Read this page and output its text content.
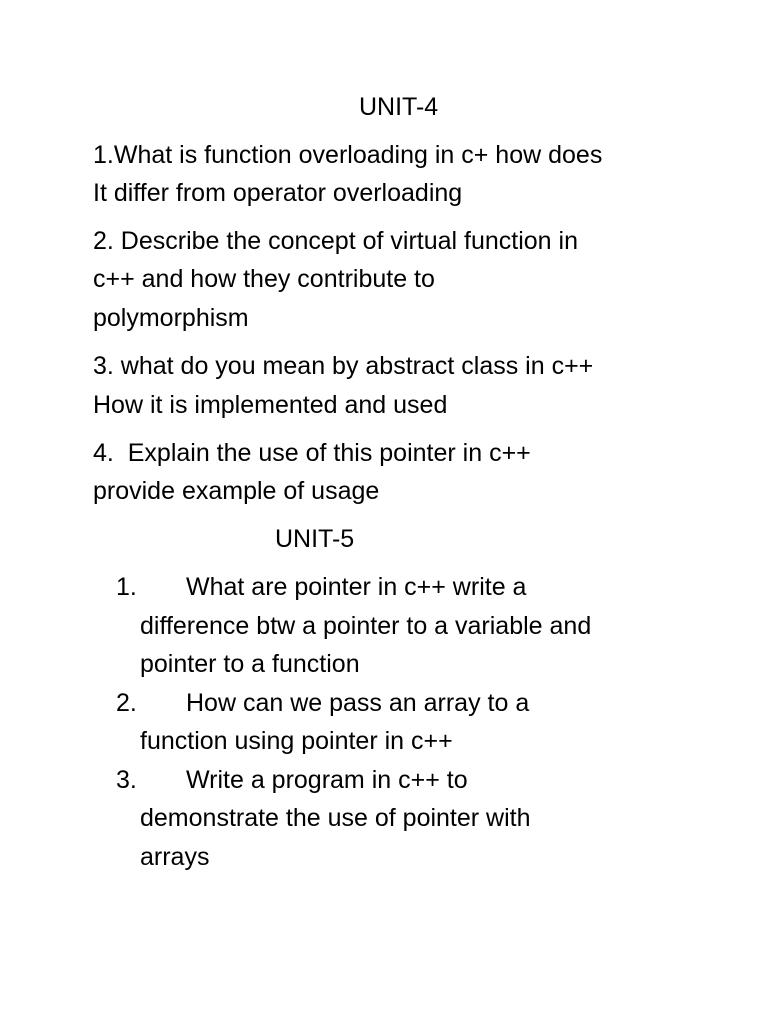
UNIT-4
1.What is function overloading in c+ how does
It differ from operator overloading
2. Describe the concept of virtual function in
c++ and how they contribute to
polymorphism
3. what do you mean by abstract class in c++
How it is implemented and used
4.  Explain the use of this pointer in c++
provide example of usage
UNIT-5
1. What are pointer in c++ write a
difference btw a pointer to a variable and
pointer to a function
2. How can we pass an array to a
function using pointer in c++
3. Write a program in c++ to
demonstrate the use of pointer with
arrays
